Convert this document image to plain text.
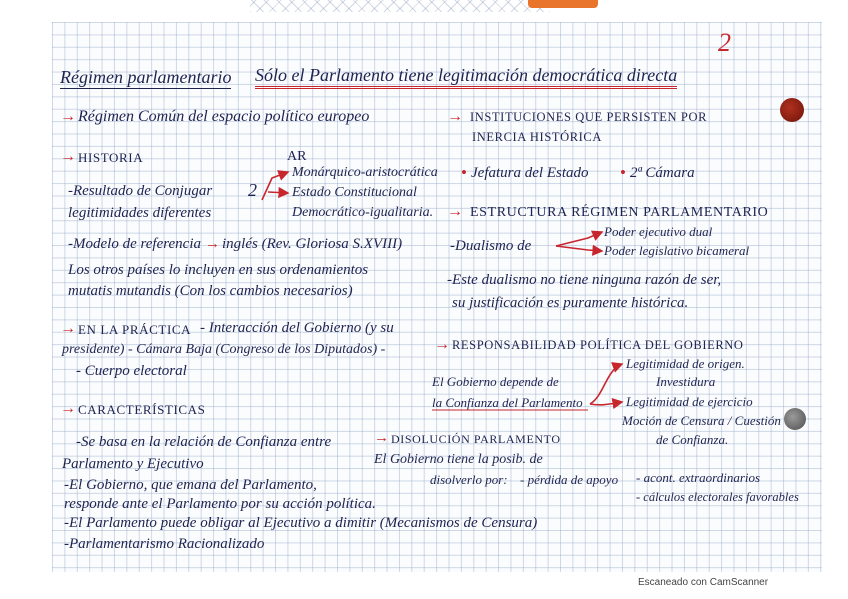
2
Régimen parlamentario Sólo el Parlamento tiene legitimación democrática directa
→ Régimen Común del espacio político europeo
→ HISTORIA	AR
Monárquico-aristocrática
Estado Constitucional
Democrático-igualitaria.
-Resultado de Conjugar 2
legitimidades diferentes
-Modelo de referencia → inglés (Rev. Gloriosa S.XVIII)
Los otros países lo incluyen en sus ordenamientos
mutatis mutandis (Con los cambios necesarios)
→ EN LA PRÁCTICA - Interacción del Gobierno (y su
presidente) - Cámara Baja (Congreso de los Diputados) -
- Cuerpo electoral
→ CARACTERÍSTICAS
-Se basa en la relación de Confianza entre
Parlamento y Ejecutivo
-El Gobierno, que emana del Parlamento,
responde ante el Parlamento por su acción política.
-El Parlamento puede obligar al Ejecutivo a dimitir (Mecanismos de Censura)
-Parlamentarismo Racionalizado
→ INSTITUCIONES QUE PERSISTEN POR
INERCIA HISTÓRICA
• Jefatura del Estado • 2ª Cámara
→ ESTRUCTURA RÉGIMEN PARLAMENTARIO
-Dualismo de
Poder ejecutivo dual
Poder legislativo bicameral
-Este dualismo no tiene ninguna razón de ser,
su justificación es puramente histórica.
→ RESPONSABILIDAD POLÍTICA DEL GOBIERNO
El Gobierno depende de
la Confianza del Parlamento
Legitimidad de origen.
Investidura
Legitimidad de ejercicio
Moción de Censura / Cuestión
de Confianza.
→ DISOLUCIÓN PARLAMENTO
El Gobierno tiene la posib. de
disolverlo por: - pérdida de apoyo - acont. extraordinarios
- cálculos electorales favorables
Escaneado con CamScanner
